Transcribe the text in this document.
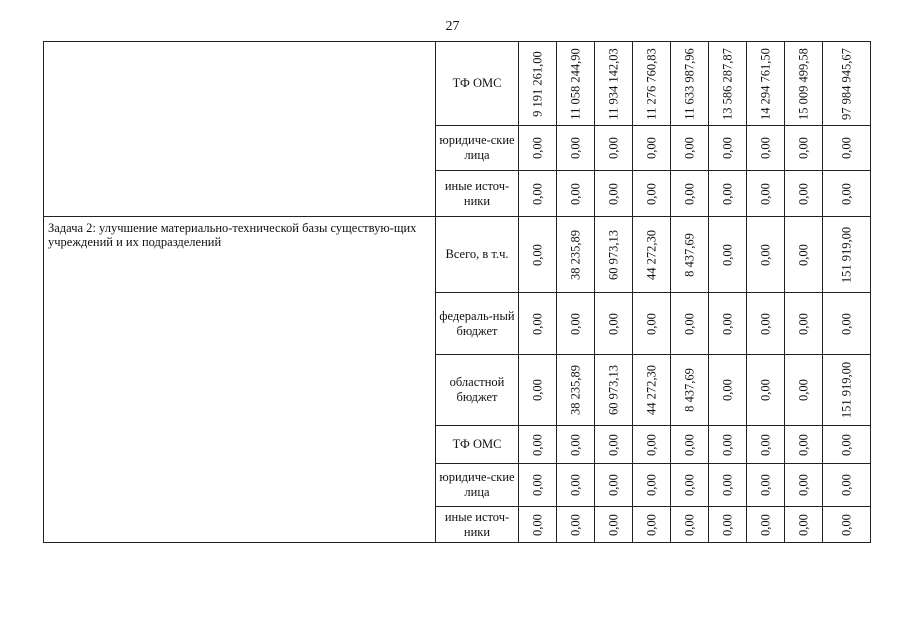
27
	ТФ ОМС	9 191 261,00	11 058 244,90	11 934 142,03	11 276 760,83	11 633 987,96	13 586 287,87	14 294 761,50	15 009 499,58	97 984 945,67

	юридиче-ские лица	0,00	0,00	0,00	0,00	0,00	0,00	0,00	0,00	0,00

	иные источ-ники	0,00	0,00	0,00	0,00	0,00	0,00	0,00	0,00	0,00

Задача 2: улучшение материально-технической базы существую-щих учреждений и их подразделений	Всего, в т.ч.	0,00	38 235,89	60 973,13	44 272,30	8 437,69	0,00	0,00	0,00	151 919,00

	федераль-ный бюджет	0,00	0,00	0,00	0,00	0,00	0,00	0,00	0,00	0,00

	областной бюджет	0,00	38 235,89	60 973,13	44 272,30	8 437,69	0,00	0,00	0,00	151 919,00

	ТФ ОМС	0,00	0,00	0,00	0,00	0,00	0,00	0,00	0,00	0,00

	юридиче-ские лица	0,00	0,00	0,00	0,00	0,00	0,00	0,00	0,00	0,00

	иные источ-ники	0,00	0,00	0,00	0,00	0,00	0,00	0,00	0,00	0,00
